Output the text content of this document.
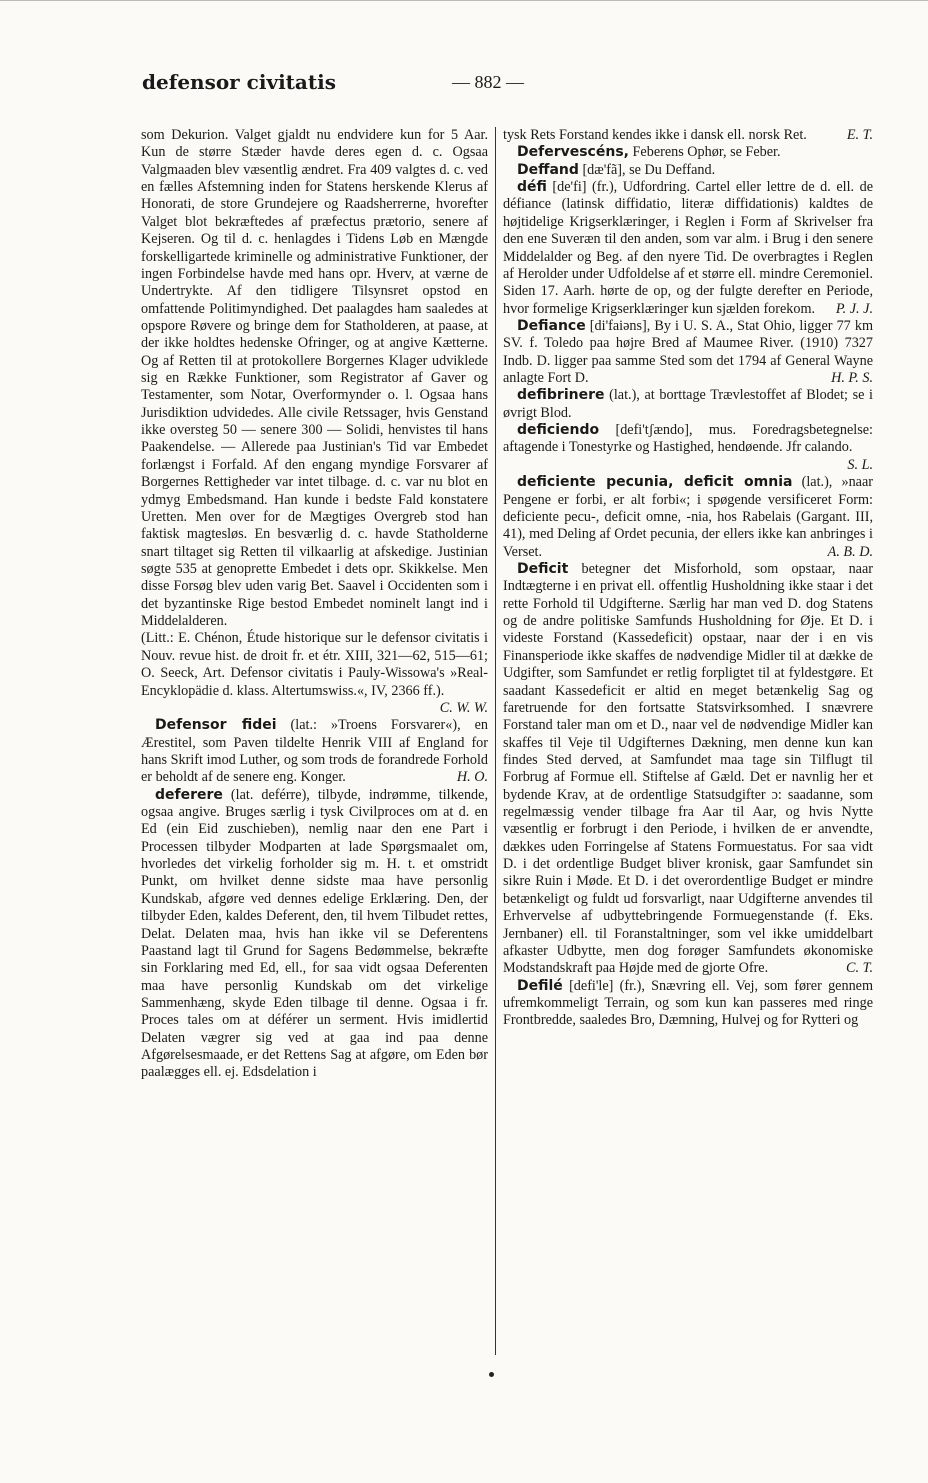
defensor civitatis	— 882 —

som Dekurion. Valget gjaldt nu endvidere kun for 5 Aar. Kun de større Stæder havde deres egen d. c. Ogsaa Valgmaaden blev væsentlig ændret. Fra 409 valgtes d. c. ved en fælles Afstemning inden for Statens herskende Klerus af Honorati, de store Grundejere og Raadsherrerne, hvorefter Valget blot bekræftedes af præfectus prætorio, senere af Kejseren. Og til d. c. henlagdes i Tidens Løb en Mængde forskelligartede kriminelle og administrative Funktioner, der ingen Forbindelse havde med hans opr. Hverv, at værne de Undertrykte. Af den tidligere Tilsynsret opstod en omfattende Politimyndighed. Det paalagdes ham saaledes at opspore Røvere og bringe dem for Statholderen, at paase, at der ikke holdtes hedenske Ofringer, og at angive Kætterne. Og af Retten til at protokollere Borgernes Klager udviklede sig en Række Funktioner, som Registrator af Gaver og Testamenter, som Notar, Overformynder o. l. Ogsaa hans Jurisdiktion udvidedes. Alle civile Retssager, hvis Genstand ikke oversteg 50 — senere 300 — Solidi, henvistes til hans Paakendelse. — Allerede paa Justinian's Tid var Embedet forlængst i Forfald. Af den engang myndige Forsvarer af Borgernes Rettigheder var intet tilbage. d. c. var nu blot en ydmyg Embedsmand. Han kunde i bedste Fald konstatere Uretten. Men over for de Mægtiges Overgreb stod han faktisk magtesløs. En besværlig d. c. havde Statholderne snart tiltaget sig Retten til vilkaarlig at afskedige. Justinian søgte 535 at genoprette Embedet i dets opr. Skikkelse. Men disse Forsøg blev uden varig Bet. Saavel i Occidenten som i det byzantinske Rige bestod Embedet nominelt langt ind i Middelalderen.

(Litt.: E. Chénon, Étude historique sur le defensor civitatis i Nouv. revue hist. de droit fr. et étr. XIII, 321—62, 515—61; O. Seeck, Art. Defensor civitatis i Pauly-Wissowa's »Real-Encyklopädie d. klass. Altertumswiss.«, IV, 2366 ff.).
C. W. W.

Defensor fidei (lat.: »Troens Forsvarer«), en Ærestitel, som Paven tildelte Henrik VIII af England for hans Skrift imod Luther, og som trods de forandrede Forhold er beholdt af de senere eng. Konger.	H. O.

deferere (lat. deférre), tilbyde, indrømme, tilkende, ogsaa angive. Bruges særlig i tysk Civilproces om at d. en Ed (ein Eid zuschieben), nemlig naar den ene Part i Processen tilbyder Modparten at lade Spørgsmaalet om, hvorledes det virkelig forholder sig m. H. t. et omstridt Punkt, om hvilket denne sidste maa have personlig Kundskab, afgøre ved dennes edelige Erklæring. Den, der tilbyder Eden, kaldes Deferent, den, til hvem Tilbudet rettes, Delat. Delaten maa, hvis han ikke vil se Deferentens Paastand lagt til Grund for Sagens Bedømmelse, bekræfte sin Forklaring med Ed, ell., for saa vidt ogsaa Deferenten maa have personlig Kundskab om det virkelige Sammenhæng, skyde Eden tilbage til denne. Ogsaa i fr. Proces tales om at déférer un serment. Hvis imidlertid Delaten vægrer sig ved at gaa ind paa denne Afgørelsesmaade, er det Rettens Sag at afgøre, om Eden bør paalægges ell. ej. Edsdelation i

tysk Rets Forstand kendes ikke i dansk ell. norsk Ret.	E. T.

Defervescéns, Feberens Ophør, se Feber.

Deffand [dæ'fã], se Du Deffand.

défi [de'fi] (fr.), Udfordring. Cartel eller lettre de d. ell. de défiance (latinsk diffidatio, literæ diffidationis) kaldtes de højtidelige Krigserklæringer, i Reglen i Form af Skrivelser fra den ene Suveræn til den anden, som var alm. i Brug i den senere Middelalder og Beg. af den nyere Tid. De overbragtes i Reglen af Herolder under Udfoldelse af et større ell. mindre Ceremoniel. Siden 17. Aarh. hørte de op, og der fulgte derefter en Periode, hvor formelige Krigserklæringer kun sjælden forekom.	P. J. J.

Defiance [di'faiəns], By i U. S. A., Stat Ohio, ligger 77 km SV. f. Toledo paa højre Bred af Maumee River. (1910) 7327 Indb. D. ligger paa samme Sted som det 1794 af General Wayne anlagte Fort D.	H. P. S.

defibrinere (lat.), at borttage Trævlestoffet af Blodet; se i øvrigt Blod.

deficiendo [defi'tʃændo], mus. Foredragsbetegnelse: aftagende i Tonestyrke og Hastighed, hendøende. Jfr calando.
S. L.

deficiente pecunia, deficit omnia (lat.), »naar Pengene er forbi, er alt forbi«; i spøgende versificeret Form: deficiente pecu-, deficit omne, -nia, hos Rabelais (Gargant. III, 41), med Deling af Ordet pecunia, der ellers ikke kan anbringes i Verset.	A. B. D.

Deficit betegner det Misforhold, som opstaar, naar Indtægterne i en privat ell. offentlig Husholdning ikke staar i det rette Forhold til Udgifterne. Særlig har man ved D. dog Statens og de andre politiske Samfunds Husholdning for Øje. Et D. i videste Forstand (Kassedeficit) opstaar, naar der i en vis Finansperiode ikke skaffes de nødvendige Midler til at dække de Udgifter, som Samfundet er retlig forpligtet til at fyldestgøre. Et saadant Kassedeficit er altid en meget betænkelig Sag og faretruende for den fortsatte Statsvirksomhed. I snævrere Forstand taler man om et D., naar vel de nødvendige Midler kan skaffes til Veje til Udgifternes Dækning, men denne kun kan findes Sted derved, at Samfundet maa tage sin Tilflugt til Forbrug af Formue ell. Stiftelse af Gæld. Det er navnlig her et bydende Krav, at de ordentlige Statsudgifter ɔ: saadanne, som regelmæssig vender tilbage fra Aar til Aar, og hvis Nytte væsentlig er forbrugt i den Periode, i hvilken de er anvendte, dækkes uden Forringelse af Statens Formuestatus. For saa vidt D. i det ordentlige Budget bliver kronisk, gaar Samfundet sin sikre Ruin i Møde. Et D. i det overordentlige Budget er mindre betænkeligt og fuldt ud forsvarligt, naar Udgifterne anvendes til Erhvervelse af udbyttebringende Formuegenstande (f. Eks. Jernbaner) ell. til Foranstaltninger, som vel ikke umiddelbart afkaster Udbytte, men dog forøger Samfundets økonomiske Modstandskraft paa Højde med de gjorte Ofre.	C. T.

Defilé [defi'le] (fr.), Snævring ell. Vej, som fører gennem ufremkommeligt Terrain, og som kun kan passeres med ringe Frontbredde, saaledes Bro, Dæmning, Hulvej og for Rytteri og
